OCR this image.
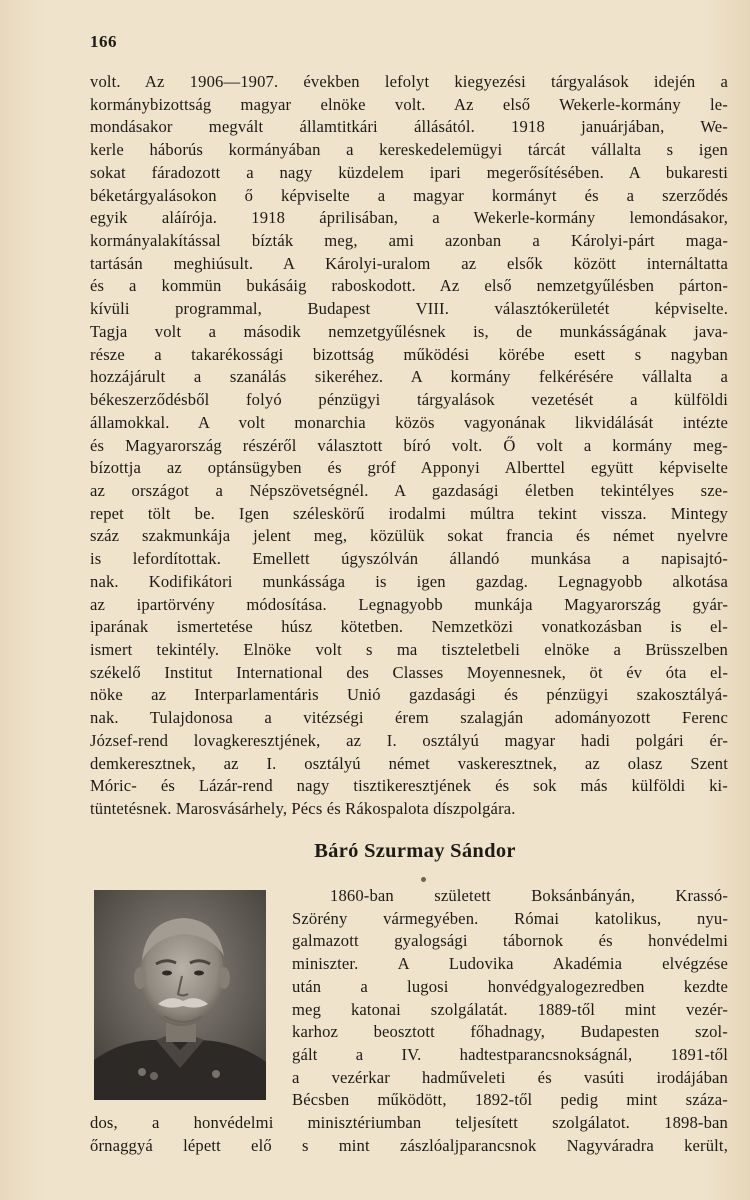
166
volt. Az 1906—1907. években lefolyt kiegyezési tárgyalások idején a
kormánybizottság magyar elnöke volt. Az első Wekerle-kormány le-
mondásakor megvált államtitkári állásától. 1918 januárjában, We-
kerle háborús kormányában a kereskedelemügyi tárcát vállalta s igen
sokat fáradozott a nagy küzdelem ipari megerősítésében. A bukaresti
béketárgyalásokon ő képviselte a magyar kormányt és a szerződés
egyik aláírója. 1918 áprilisában, a Wekerle-kormány lemondásakor,
kormányalakítással bízták meg, ami azonban a Károlyi-párt maga-
tartásán meghiúsult. A Károlyi-uralom az elsők között internáltatta
és a kommün bukásáig raboskodott. Az első nemzetgyűlésben párton-
kívüli programmal, Budapest VIII. választókerületét képviselte.
Tagja volt a második nemzetgyűlésnek is, de munkásságának java-
része a takarékossági bizottság működési körébe esett s nagyban
hozzájárult a szanálás sikeréhez. A kormány felkérésére vállalta a
békeszerződésből folyó pénzügyi tárgyalások vezetését a külföldi
államokkal. A volt monarchia közös vagyonának likvidálását intézte
és Magyarország részéről választott bíró volt. Ő volt a kormány meg-
bízottja az optánsügyben és gróf Apponyi Alberttel együtt képviselte
az országot a Népszövetségnél. A gazdasági életben tekintélyes sze-
repet tölt be. Igen széleskörű irodalmi múltra tekint vissza. Mintegy
száz szakmunkája jelent meg, közülük sokat francia és német nyelvre
is lefordítottak. Emellett úgyszólván állandó munkása a napisajtó-
nak. Kodifikátori munkássága is igen gazdag. Legnagyobb alkotása
az ipartörvény módosítása. Legnagyobb munkája Magyarország gyár-
iparának ismertetése húsz kötetben. Nemzetközi vonatkozásban is el-
ismert tekintély. Elnöke volt s ma tiszteletbeli elnöke a Brüsszelben
székelő Institut International des Classes Moyennesnek, öt év óta el-
nöke az Interparlamentáris Unió gazdasági és pénzügyi szakosztályá-
nak. Tulajdonosa a vitézségi érem szalagján adományozott Ferenc
József-rend lovagkeresztjének, az I. osztályú magyar hadi polgári ér-
demkeresztnek, az I. osztályú német vaskeresztnek, az olasz Szent
Móric- és Lázár-rend nagy tisztikeresztjének és sok más külföldi ki-
tüntetésnek. Marosvásárhely, Pécs és Rákospalota díszpolgára.
Báró Szurmay Sándor
1860-ban született Boksánbányán, Krassó-
Szörény vármegyében. Római katolikus, nyu-
galmazott gyalogsági tábornok és honvédelmi
miniszter. A Ludovika Akadémia elvégzése
után a lugosi honvédgyalogezredben kezdte
meg katonai szolgálatát. 1889-től mint vezér-
karhoz beosztott főhadnagy, Budapesten szol-
gált a IV. hadtestparancsnokságnál, 1891-től
a vezérkar hadműveleti és vasúti irodájában
Bécsben működött, 1892-től pedig mint száza-
dos, a honvédelmi minisztériumban teljesített szolgálatot. 1898-ban
őrnaggyá lépett elő s mint zászlóaljparancsnok Nagyváradra került,
